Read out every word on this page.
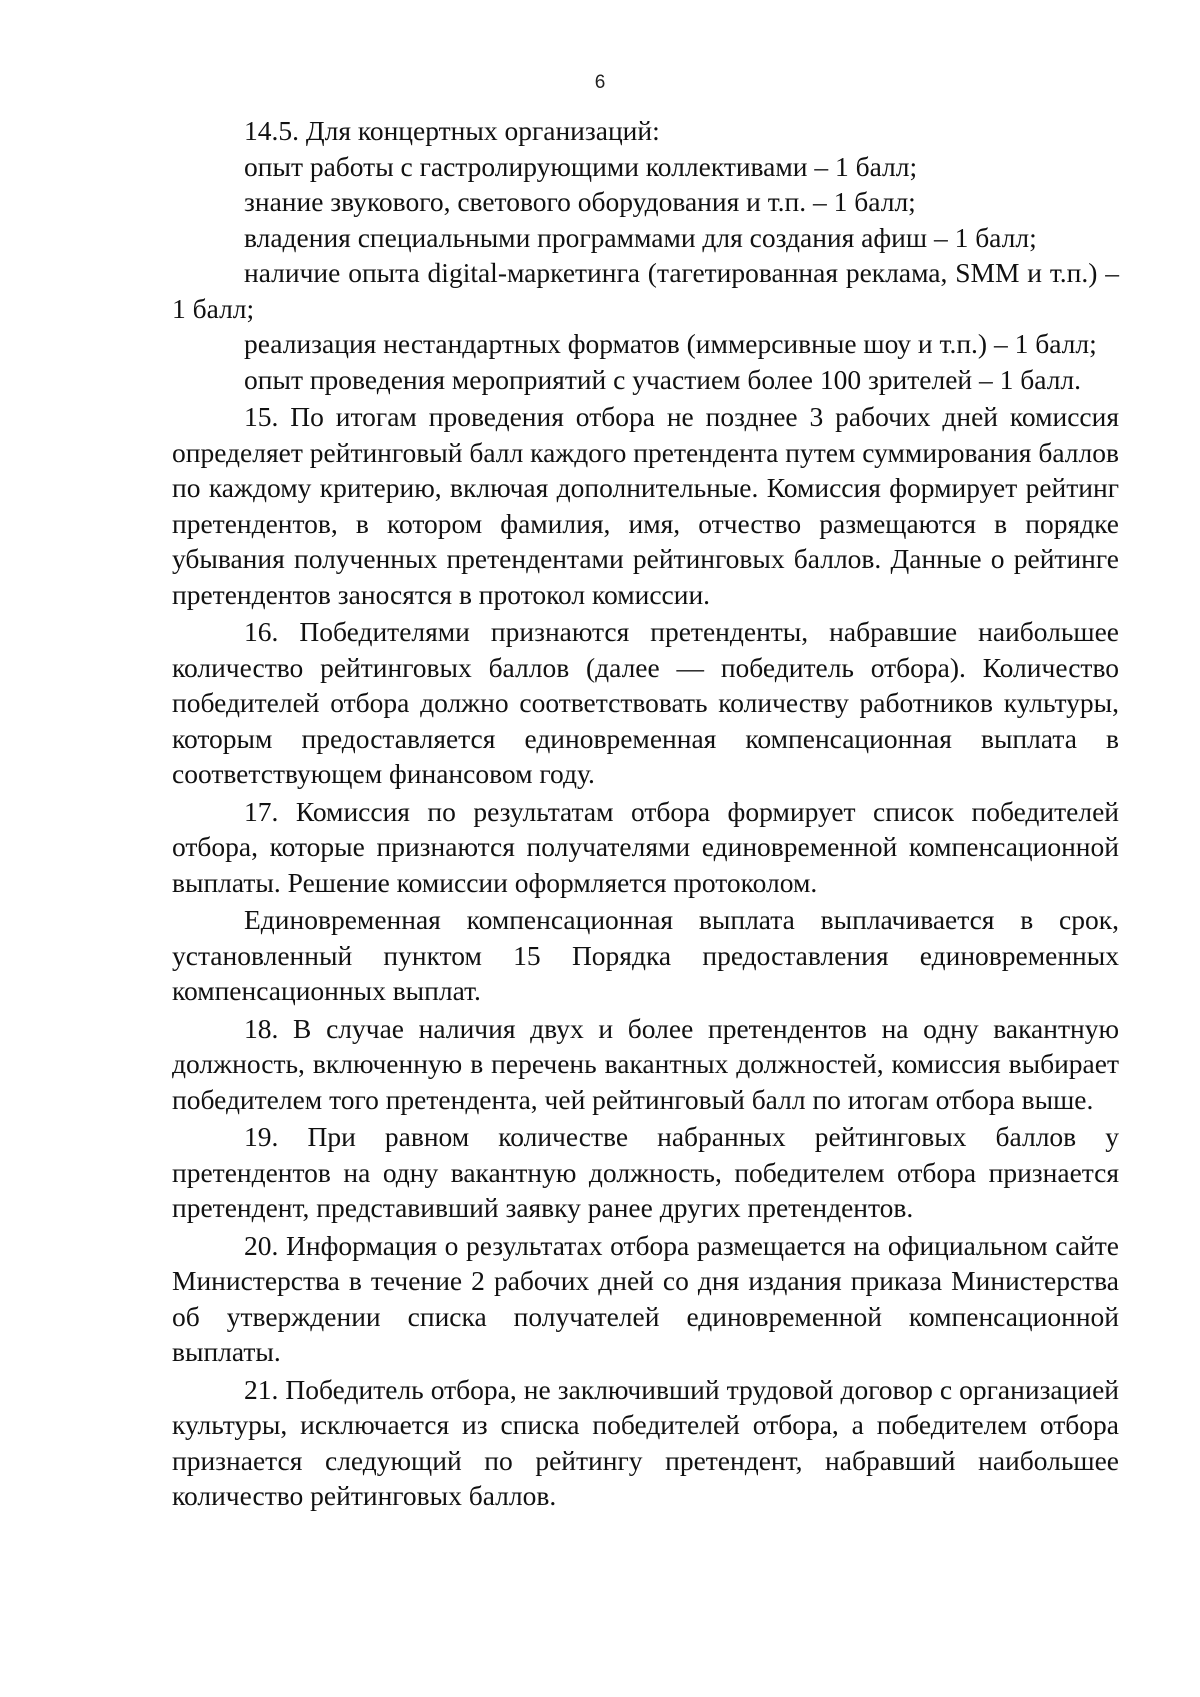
6

14.5. Для концертных организаций:

опыт работы с гастролирующими коллективами – 1 балл;

знание звукового, светового оборудования и т.п. – 1 балл;

владения специальными программами для создания афиш – 1 балл;

наличие опыта digital-маркетинга (тагетированная реклама, SMM и т.п.) – 1 балл;

реализация нестандартных форматов (иммерсивные шоу и т.п.) – 1 балл;

опыт проведения мероприятий с участием более 100 зрителей – 1 балл.

15. По итогам проведения отбора не позднее 3 рабочих дней комиссия определяет рейтинговый балл каждого претендента путем суммирования баллов по каждому критерию, включая дополнительные. Комиссия формирует рейтинг претендентов, в котором фамилия, имя, отчество размещаются в порядке убывания полученных претендентами рейтинговых баллов. Данные о рейтинге претендентов заносятся в протокол комиссии.

16. Победителями признаются претенденты, набравшие наибольшее количество рейтинговых баллов (далее — победитель отбора). Количество победителей отбора должно соответствовать количеству работников культуры, которым предоставляется единовременная компенсационная выплата в соответствующем финансовом году.

17. Комиссия по результатам отбора формирует список победителей отбора, которые признаются получателями единовременной компенсационной выплаты. Решение комиссии оформляется протоколом.

Единовременная компенсационная выплата выплачивается в срок, установленный пунктом 15 Порядка предоставления единовременных компенсационных выплат.

18. В случае наличия двух и более претендентов на одну вакантную должность, включенную в перечень вакантных должностей, комиссия выбирает победителем того претендента, чей рейтинговый балл по итогам отбора выше.

19. При равном количестве набранных рейтинговых баллов у претендентов на одну вакантную должность, победителем отбора признается претендент, представивший заявку ранее других претендентов.

20. Информация о результатах отбора размещается на официальном сайте Министерства в течение 2 рабочих дней со дня издания приказа Министерства об утверждении списка получателей единовременной компенсационной выплаты.

21. Победитель отбора, не заключивший трудовой договор с организацией культуры, исключается из списка победителей отбора, а победителем отбора признается следующий по рейтингу претендент, набравший наибольшее количество рейтинговых баллов.
